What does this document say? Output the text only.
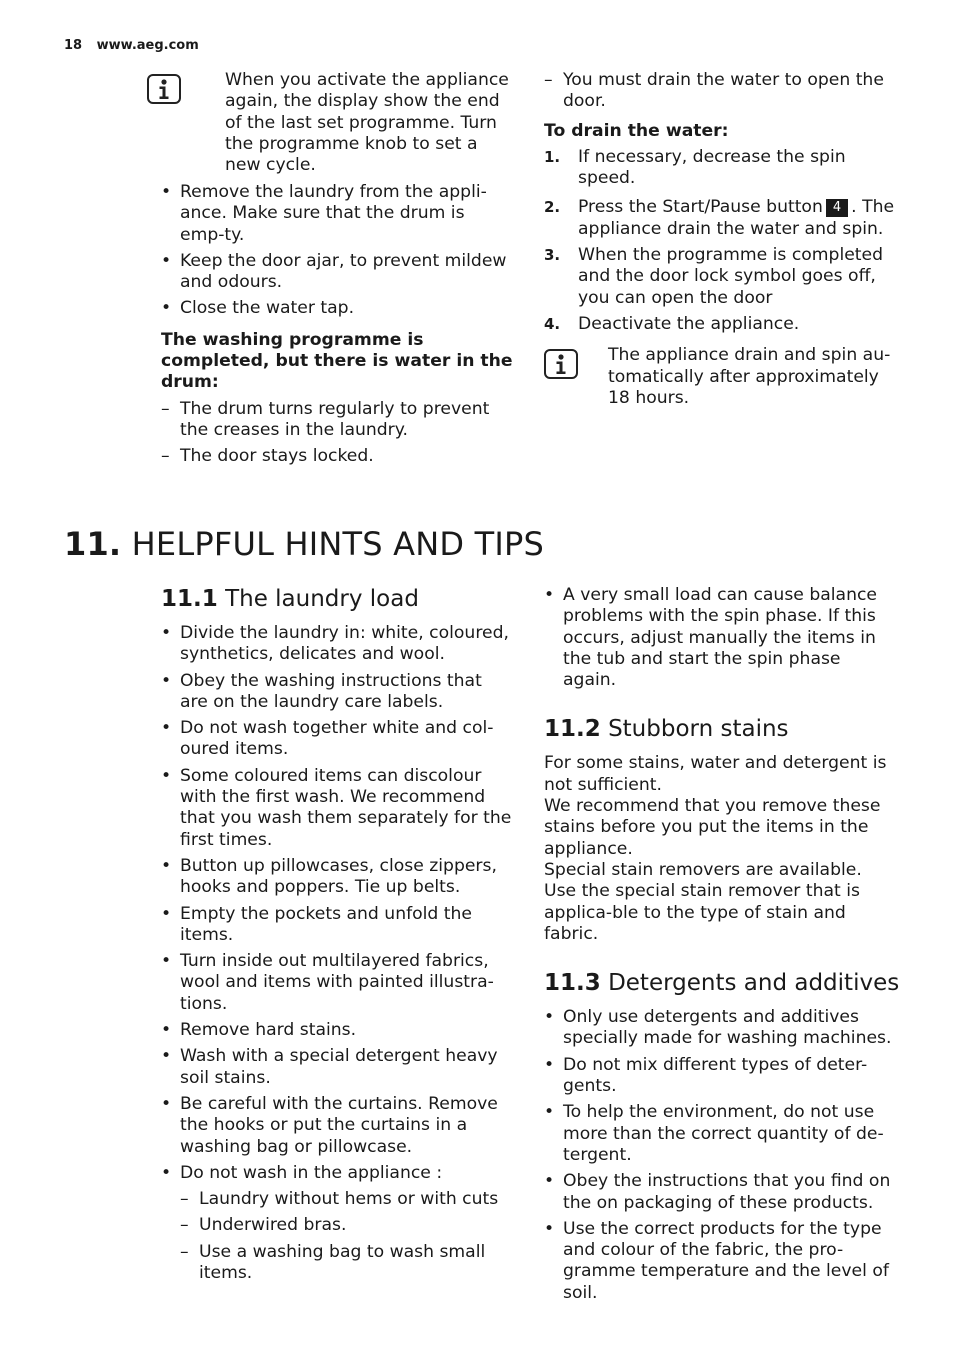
18 www.aeg.com

When you activate the appliance again, the display show the end of the last set programme. Turn the programme knob to set a new cycle.

• Remove the laundry from the appli-ance. Make sure that the drum is emp-ty.
• Keep the door ajar, to prevent mildew and odours.
• Close the water tap.

The washing programme is completed, but there is water in the drum:

– The drum turns regularly to prevent the creases in the laundry.
– The door stays locked.
– You must drain the water to open the door.

To drain the water:

1. If necessary, decrease the spin speed.
2. Press the Start/Pause button 4 . The appliance drain the water and spin.
3. When the programme is completed and the door lock symbol goes off, you can open the door
4. Deactivate the appliance.

The appliance drain and spin au-tomatically after approximately 18 hours.

11. HELPFUL HINTS AND TIPS
11.1 The laundry load
• Divide the laundry in: white, coloured, synthetics, delicates and wool.
• Obey the washing instructions that are on the laundry care labels.
• Do not wash together white and col-oured items.
• Some coloured items can discolour with the first wash. We recommend that you wash them separately for the first times.
• Button up pillowcases, close zippers, hooks and poppers. Tie up belts.
• Empty the pockets and unfold the items.
• Turn inside out multilayered fabrics, wool and items with painted illustra-tions.
• Remove hard stains.
• Wash with a special detergent heavy soil stains.
• Be careful with the curtains. Remove the hooks or put the curtains in a washing bag or pillowcase.
• Do not wash in the appliance :
– Laundry without hems or with cuts
– Underwired bras.
– Use a washing bag to wash small items.
• A very small load can cause balance problems with the spin phase. If this occurs, adjust manually the items in the tub and start the spin phase again.
11.2 Stubborn stains

For some stains, water and detergent is not sufficient.

We recommend that you remove these stains before you put the items in the appliance.

Special stain removers are available. Use the special stain remover that is applica-ble to the type of stain and fabric.

11.3 Detergents and additives
• Only use detergents and additives specially made for washing machines.
• Do not mix different types of deter-gents.
• To help the environment, do not use more than the correct quantity of de-tergent.
• Obey the instructions that you find on the on packaging of these products.
• Use the correct products for the type and colour of the fabric, the pro-gramme temperature and the level of soil.
